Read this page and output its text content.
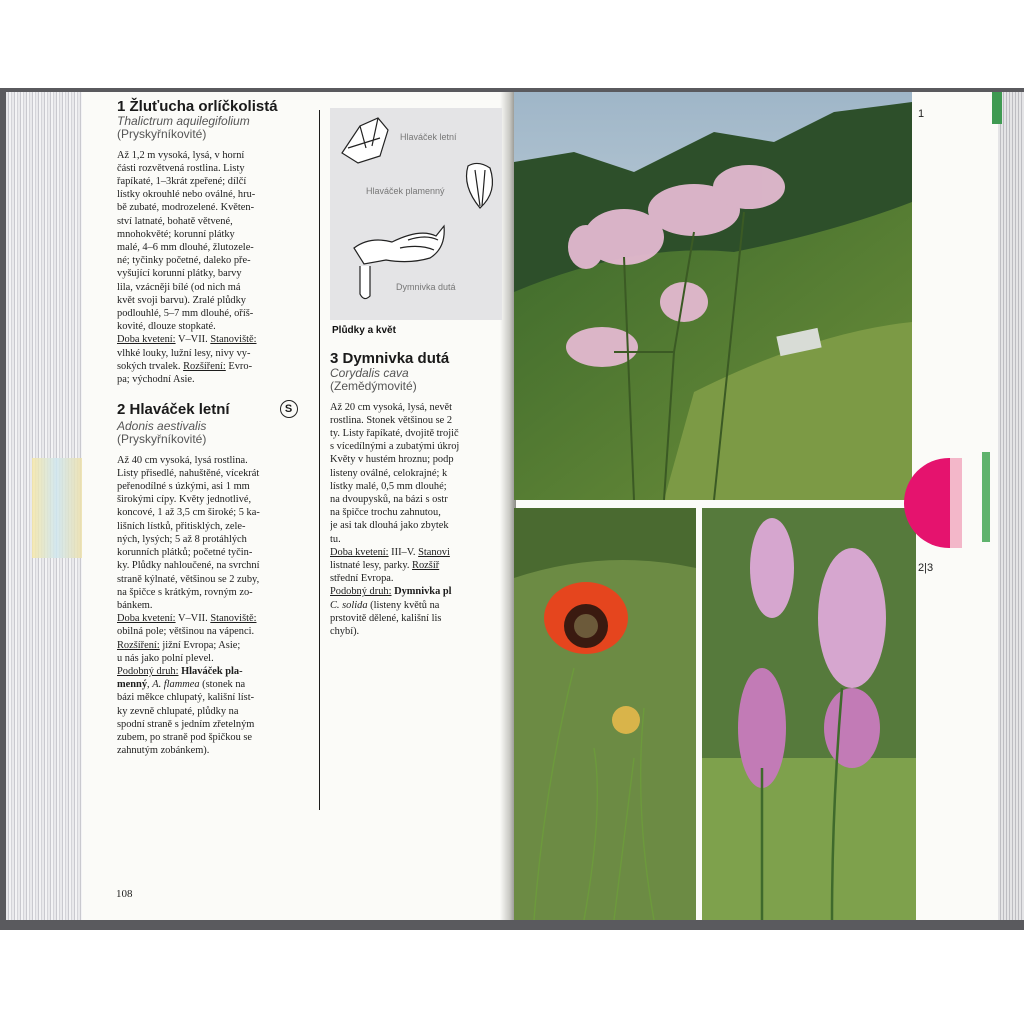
1 Žluťucha orlíčkolistá
Thalictrum aquilegifolium
(Pryskyřníkovité)
Až 1,2 m vysoká, lysá, v horní
části rozvětvená rostlina. Listy
řapíkaté, 1–3krát zpeřené; dílčí
lístky okrouhlé nebo oválné, hru-
bě zubaté, modrozelené. Květen-
ství latnaté, bohatě větvené,
mnohokvěté; korunní plátky
malé, 4–6 mm dlouhé, žlutozele-
né; tyčinky početné, daleko pře-
vyšující korunní plátky, barvy
lila, vzácněji bílé (od nich má
květ svoji barvu). Zralé plůdky
podlouhlé, 5–7 mm dlouhé, oříš-
kovité, dlouze stopkaté.
Doba kvetení: V–VII. Stanoviště:
vlhké louky, lužní lesy, nivy vy-
sokých trvalek. Rozšíření: Evro-
pa; východní Asie.
2 Hlaváček letní	S
Adonis aestivalis
(Pryskyřníkovité)
Až 40 cm vysoká, lysá rostlina.
Listy přisedlé, nahuštěné, vícekrát
peřenodílné s úzkými, asi 1 mm
širokými cípy. Květy jednotlivé,
koncové, 1 až 3,5 cm široké; 5 ka-
lišních lístků, přitisklých, zele-
ných, lysých; 5 až 8 protáhlých
korunních plátků; početné tyčin-
ky. Plůdky nahloučené, na svrchní
straně kýlnaté, většinou se 2 zuby,
na špičce s krátkým, rovným zo-
bánkem.
Doba kvetení: V–VII. Stanoviště:
obilná pole; většinou na vápenci.
Rozšíření: jižní Evropa; Asie;
u nás jako polní plevel.
Podobný druh: Hlaváček pla-
menný, A. flammea (stonek na
bázi měkce chlupatý, kališní líst-
ky zevně chlupaté, plůdky na
spodní straně s jedním zřetelným
zubem, po straně pod špičkou se
zahnutým zobánkem).
108
Hlaváček letní
Hlaváček plamenný
Dymnivka dutá
Plůdky a květ
3 Dymnivka dutá
Corydalis cava
(Zemědýmovité)
Až 20 cm vysoká, lysá, nevět
rostlina. Stonek většinou se 2
ty. Listy řapíkaté, dvojitě trojič
s vícedílnými a zubatými úkroj
Květy v hustém hroznu; podp
listeny oválné, celokrajné; k
lístky malé, 0,5 mm dlouhé;
na dvoupysků, na bázi s ostr
na špičce trochu zahnutou,
je asi tak dlouhá jako zbytek
tu.
Doba kvetení: III–V. Stanovi
listnaté lesy, parky. Rozšíř
střední Evropa.
Podobný druh: Dymnivka pl
C. solida (listeny květů na
prstovitě dělené, kališní lis
chybí).
1
2|3
